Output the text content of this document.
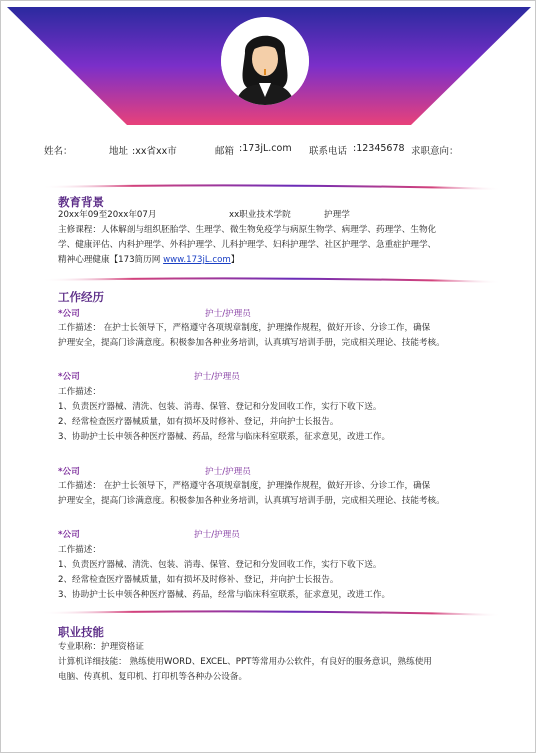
姓名：	地址 :xx省xx市	邮箱 :173jL.com 联系电话 :12345678 求职意向：
教育背景
20xx年09至20xx年07月	xx职业技术学院	护理学
主修课程：人体解剖与组织胚胎学、生理学、微生物免疫学与病原生物学、病理学、药理学、生物化
学、健康评估、内科护理学、外科护理学、儿科护理学、妇科护理学、社区护理学、急重症护理学、
精神心理健康【173简历网 www.173jL.com】
工作经历
*公司	护士/护理员
工作描述： 在护士长领导下，严格遵守各项规章制度，护理操作规程，做好开诊、分诊工作，确保
护理安全，提高门诊满意度。积极参加各种业务培训，认真填写培训手册，完成相关理论、技能考核。
*公司	护士/护理员
工作描述：
1、负责医疗器械、清洗、包装、消毒、保管、登记和分发回收工作，实行下收下送。
2、经常检查医疗器械质量，如有损坏及时修补、登记，并向护士长报告。
3、协助护士长申领各种医疗器械、药品，经常与临床科室联系，征求意见，改进工作。
*公司	护士/护理员
工作描述： 在护士长领导下，严格遵守各项规章制度，护理操作规程，做好开诊、分诊工作，确保
护理安全，提高门诊满意度。积极参加各种业务培训，认真填写培训手册，完成相关理论、技能考核。
*公司	护士/护理员
工作描述：
1、负责医疗器械、清洗、包装、消毒、保管、登记和分发回收工作，实行下收下送。
2、经常检查医疗器械质量，如有损坏及时修补、登记，并向护士长报告。
3、协助护士长申领各种医疗器械、药品，经常与临床科室联系，征求意见，改进工作。
职业技能
专业职称：护理资格证
计算机详细技能： 熟练使用WORD、EXCEL、PPT等常用办公软件，有良好的服务意识，熟练使用
电脑、传真机、复印机、打印机等各种办公设备。
